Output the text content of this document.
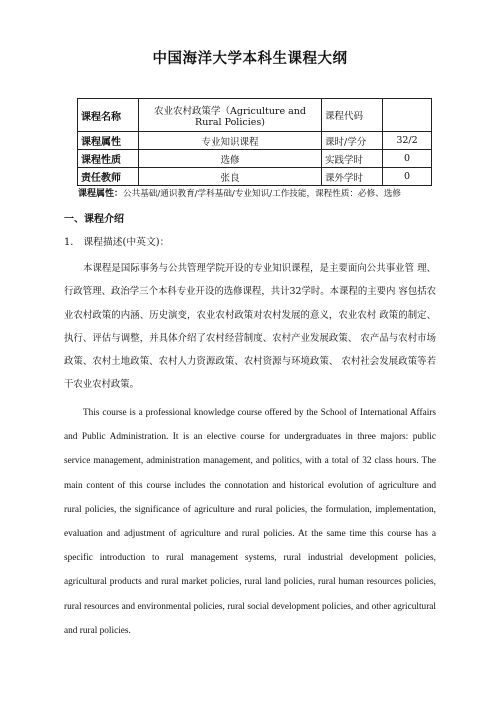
中国海洋大学本科生课程大纲
课程名称	农业农村政策学（Agriculture and Rural Policies)	课程代码	
课程属性	专业知识课程	课时/学分	32/2
课程性质	选修	实践学时	0
责任教师	张良	课外学时	0
课程属性：公共基础/通识教育/学科基础/专业知识/工作技能，课程性质：必修、选修
一、课程介绍
1. 课程描述(中英文)：

本课程是国际事务与公共管理学院开设的专业知识课程，是主要面向公共事业管 理、行政管理、政治学三个本科专业开设的选修课程，共计32学时。本课程的主要内 容包括农业农村政策的内涵、历史演变，农业农村政策对农村发展的意义，农业农村 政策的制定、执行、评估与调整，并具体介绍了农村经营制度、农村产业发展政策、 农产品与农村市场政策、农村土地政策、农村人力资源政策、农村资源与环境政策、 农村社会发展政策等若干农业农村政策。

This course is a professional knowledge course offered by the School of International Affairs and Public Administration. It is an elective course for undergraduates in three majors: public service management, administration management, and politics, with a total of 32 class hours. The main content of this course includes the connotation and historical evolution of agriculture and rural policies, the significance of agriculture and rural policies, the formulation, implementation, evaluation and adjustment of agriculture and rural policies. At the same time this course has a specific introduction to rural management systems, rural industrial development policies, agricultural products and rural market policies, rural land policies, rural human resources policies, rural resources and environmental policies, rural social development policies, and other agricultural and rural policies.
